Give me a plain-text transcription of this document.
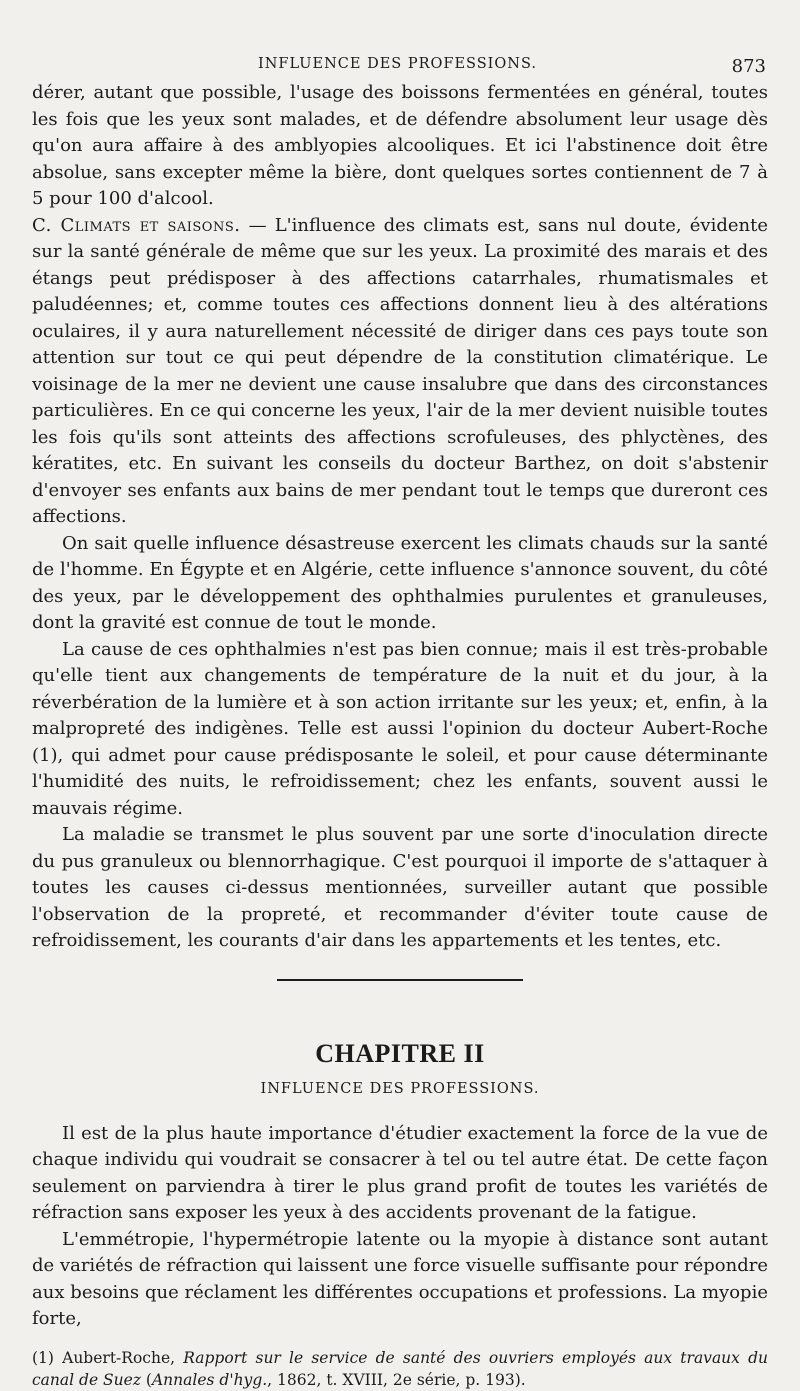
INFLUENCE DES PROFESSIONS.	873

dérer, autant que possible, l'usage des boissons fermentées en général, toutes les fois que les yeux sont malades, et de défendre absolument leur usage dès qu'on aura affaire à des amblyopies alcooliques. Et ici l'abstinence doit être absolue, sans excepter même la bière, dont quelques sortes contiennent de 7 à 5 pour 100 d'alcool.

C. Climats et saisons. — L'influence des climats est, sans nul doute, évidente sur la santé générale de même que sur les yeux. La proximité des marais et des étangs peut prédisposer à des affections catarrhales, rhumatismales et paludéennes; et, comme toutes ces affections donnent lieu à des altérations oculaires, il y aura naturellement nécessité de diriger dans ces pays toute son attention sur tout ce qui peut dépendre de la constitution climatérique. Le voisinage de la mer ne devient une cause insalubre que dans des circonstances particulières. En ce qui concerne les yeux, l'air de la mer devient nuisible toutes les fois qu'ils sont atteints des affections scrofuleuses, des phlyctènes, des kératites, etc. En suivant les conseils du docteur Barthez, on doit s'abstenir d'envoyer ses enfants aux bains de mer pendant tout le temps que dureront ces affections.

On sait quelle influence désastreuse exercent les climats chauds sur la santé de l'homme. En Égypte et en Algérie, cette influence s'annonce souvent, du côté des yeux, par le développement des ophthalmies purulentes et granuleuses, dont la gravité est connue de tout le monde.

La cause de ces ophthalmies n'est pas bien connue; mais il est très-probable qu'elle tient aux changements de température de la nuit et du jour, à la réverbération de la lumière et à son action irritante sur les yeux; et, enfin, à la malpropreté des indigènes. Telle est aussi l'opinion du docteur Aubert-Roche (1), qui admet pour cause prédisposante le soleil, et pour cause déterminante l'humidité des nuits, le refroidissement; chez les enfants, souvent aussi le mauvais régime.

La maladie se transmet le plus souvent par une sorte d'inoculation directe du pus granuleux ou blennorrhagique. C'est pourquoi il importe de s'attaquer à toutes les causes ci-dessus mentionnées, surveiller autant que possible l'observation de la propreté, et recommander d'éviter toute cause de refroidissement, les courants d'air dans les appartements et les tentes, etc.

CHAPITRE II
INFLUENCE DES PROFESSIONS.

Il est de la plus haute importance d'étudier exactement la force de la vue de chaque individu qui voudrait se consacrer à tel ou tel autre état. De cette façon seulement on parviendra à tirer le plus grand profit de toutes les variétés de réfraction sans exposer les yeux à des accidents provenant de la fatigue.

L'emmétropie, l'hypermétropie latente ou la myopie à distance sont autant de variétés de réfraction qui laissent une force visuelle suffisante pour répondre aux besoins que réclament les différentes occupations et professions. La myopie forte,

(1) Aubert-Roche, Rapport sur le service de santé des ouvriers employés aux travaux du canal de Suez (Annales d'hyg., 1862, t. XVIII, 2e série, p. 193).
